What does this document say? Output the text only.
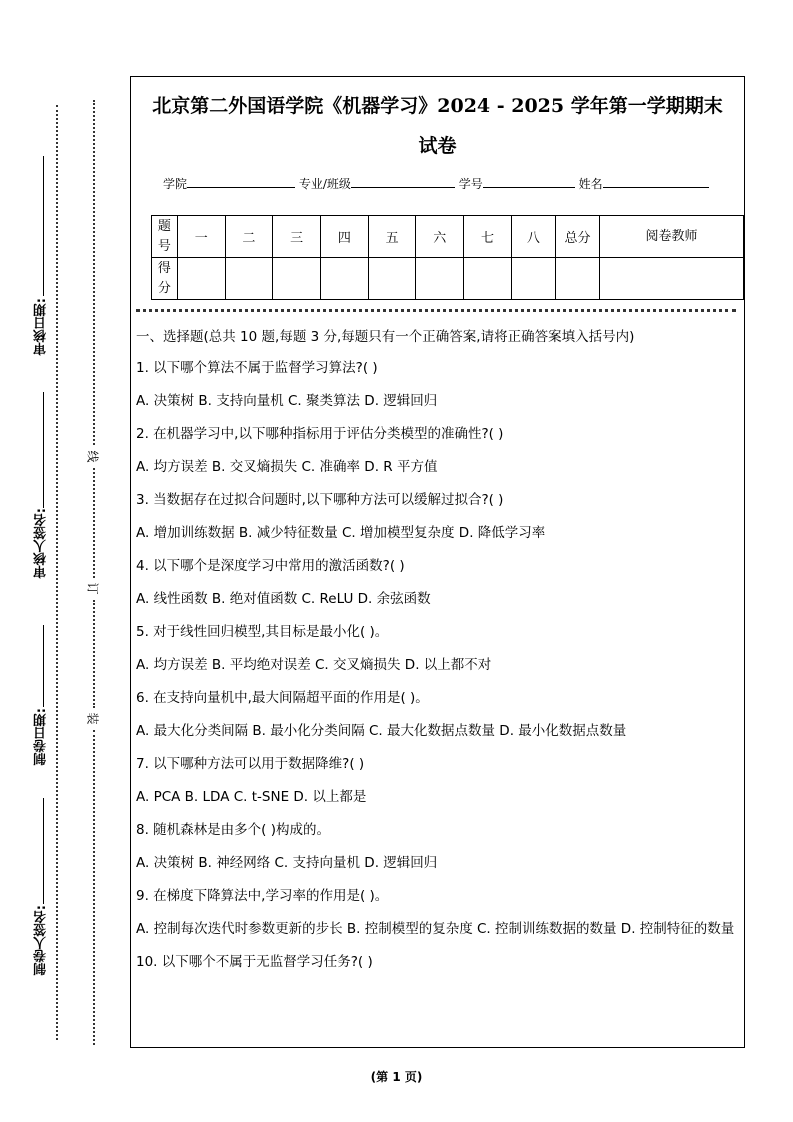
审核日期:
审核人签名:
制卷日期:
制卷人签名:
线
订
装
北京第二外国语学院《机器学习》2024 - 2025 学年第一学期期末
试卷
学院	专业/班级	学号	姓名
题号	一	二	三	四	五	六	七	八	总分	阅卷教师
得分										

一、选择题(总共 10 题,每题 3 分,每题只有一个正确答案,请将正确答案填入括号内)

1. 以下哪个算法不属于监督学习算法?( )

A. 决策树 B. 支持向量机 C. 聚类算法 D. 逻辑回归

2. 在机器学习中,以下哪种指标用于评估分类模型的准确性?( )

A. 均方误差 B. 交叉熵损失 C. 准确率 D. R 平方值

3. 当数据存在过拟合问题时,以下哪种方法可以缓解过拟合?( )

A. 增加训练数据 B. 减少特征数量 C. 增加模型复杂度 D. 降低学习率

4. 以下哪个是深度学习中常用的激活函数?( )

A. 线性函数 B. 绝对值函数 C. ReLU D. 余弦函数

5. 对于线性回归模型,其目标是最小化( )。

A. 均方误差 B. 平均绝对误差 C. 交叉熵损失 D. 以上都不对

6. 在支持向量机中,最大间隔超平面的作用是( )。

A. 最大化分类间隔 B. 最小化分类间隔 C. 最大化数据点数量 D. 最小化数据点数量

7. 以下哪种方法可以用于数据降维?( )

A. PCA B. LDA C. t-SNE D. 以上都是

8. 随机森林是由多个( )构成的。

A. 决策树 B. 神经网络 C. 支持向量机 D. 逻辑回归

9. 在梯度下降算法中,学习率的作用是( )。

A. 控制每次迭代时参数更新的步长 B. 控制模型的复杂度 C. 控制训练数据的数量 D. 控制特征的数量

10. 以下哪个不属于无监督学习任务?( )

(第 1 页)
